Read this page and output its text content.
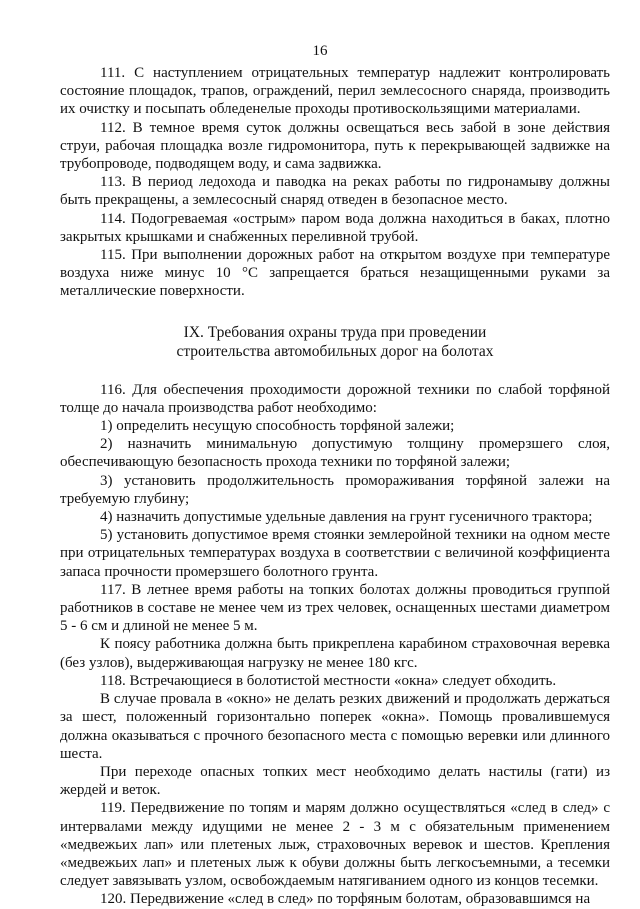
16

111. С наступлением отрицательных температур надлежит контролировать состояние площадок, трапов, ограждений, перил землесосного снаряда, производить их очистку и посыпать обледенелые проходы противоскользящими материалами.

112. В темное время суток должны освещаться весь забой в зоне действия струи, рабочая площадка возле гидромонитора, путь к перекрывающей задвижке на трубопроводе, подводящем воду, и сама задвижка.

113. В период ледохода и паводка на реках работы по гидронамыву должны быть прекращены, а землесосный снаряд отведен в безопасное место.

114. Подогреваемая «острым» паром вода должна находиться в баках, плотно закрытых крышками и снабженных переливной трубой.

115. При выполнении дорожных работ на открытом воздухе при температуре воздуха ниже минус 10 °С запрещается браться незащищенными руками за металлические поверхности.

IX. Требования охраны труда при проведении
строительства автомобильных дорог на болотах

116. Для обеспечения проходимости дорожной техники по слабой торфяной толще до начала производства работ необходимо:

1) определить несущую способность торфяной залежи;

2) назначить минимальную допустимую толщину промерзшего слоя, обеспечивающую безопасность прохода техники по торфяной залежи;

3) установить продолжительность промораживания торфяной залежи на требуемую глубину;

4) назначить допустимые удельные давления на грунт гусеничного трактора;

5) установить допустимое время стоянки землеройной техники на одном месте при отрицательных температурах воздуха в соответствии с величиной коэффициента запаса прочности промерзшего болотного грунта.

117. В летнее время работы на топких болотах должны проводиться группой работников в составе не менее чем из трех человек, оснащенных шестами диаметром 5 - 6 см и длиной не менее 5 м.

К поясу работника должна быть прикреплена карабином страховочная веревка (без узлов), выдерживающая нагрузку не менее 180 кгс.

118. Встречающиеся в болотистой местности «окна» следует обходить.

В случае провала в «окно» не делать резких движений и продолжать держаться за шест, положенный горизонтально поперек «окна». Помощь провалившемуся должна оказываться с прочного безопасного места с помощью веревки или длинного шеста.

При переходе опасных топких мест необходимо делать настилы (гати) из жердей и веток.

119. Передвижение по топям и марям должно осуществляться «след в след» с интервалами между идущими не менее 2 - 3 м с обязательным применением «медвежьих лап» или плетеных лыж, страховочных веревок и шестов. Крепления «медвежьих лап» и плетеных лыж к обуви должны быть легкосъемными, а тесемки следует завязывать узлом, освобождаемым натягиванием одного из концов тесемки.

120. Передвижение «след в след» по торфяным болотам, образовавшимся на
